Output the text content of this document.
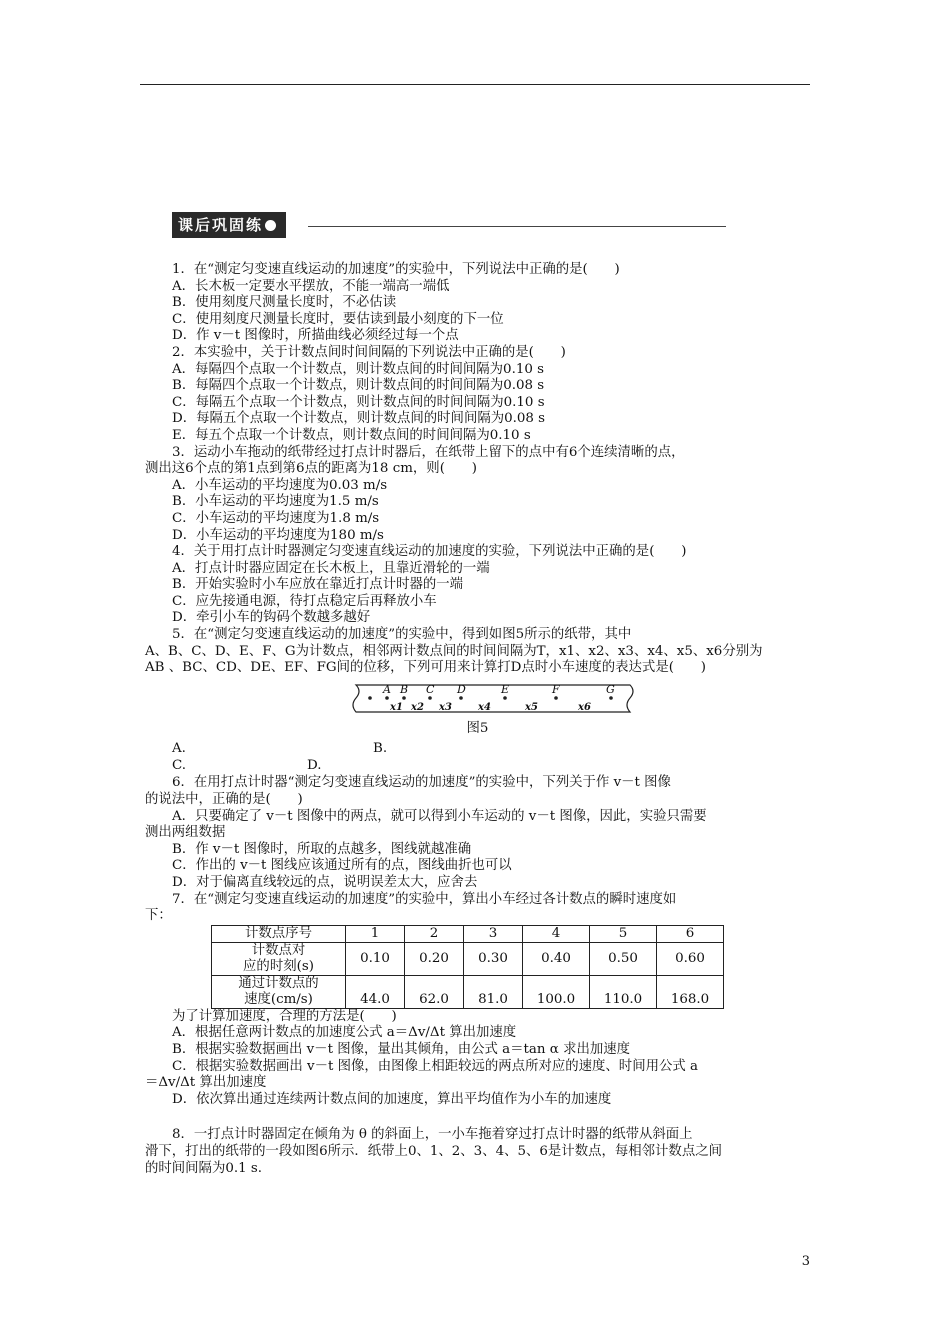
课后巩固练

1．在“测定匀变速直线运动的加速度”的实验中，下列说法中正确的是(　　)

A．长木板一定要水平摆放，不能一端高一端低

B．使用刻度尺测量长度时，不必估读

C．使用刻度尺测量长度时，要估读到最小刻度的下一位

D．作 v－t 图像时，所描曲线必须经过每一个点

2．本实验中，关于计数点间时间间隔的下列说法中正确的是(　　)

A．每隔四个点取一个计数点，则计数点间的时间间隔为0.10 s

B．每隔四个点取一个计数点，则计数点间的时间间隔为0.08 s

C．每隔五个点取一个计数点，则计数点间的时间间隔为0.10 s

D．每隔五个点取一个计数点，则计数点间的时间间隔为0.08 s

E．每五个点取一个计数点，则计数点间的时间间隔为0.10 s

3．运动小车拖动的纸带经过打点计时器后，在纸带上留下的点中有6个连续清晰的点，

测出这6个点的第1点到第6点的距离为18 cm，则(　　)

A．小车运动的平均速度为0.03 m/s

B．小车运动的平均速度为1.5 m/s

C．小车运动的平均速度为1.8 m/s

D．小车运动的平均速度为180 m/s

4．关于用打点计时器测定匀变速直线运动的加速度的实验，下列说法中正确的是(　　)

A．打点计时器应固定在长木板上，且靠近滑轮的一端

B．开始实验时小车应放在靠近打点计时器的一端

C．应先接通电源，待打点稳定后再释放小车

D．牵引小车的钩码个数越多越好

5．在“测定匀变速直线运动的加速度”的实验中，得到如图5所示的纸带，其中

A、B、C、D、E、F、G为计数点，相邻两计数点间的时间间隔为T，x1、x2、x3、x4、x5、x6分别为

AB 、BC、CD、DE、EF、FG间的位移，下列可用来计算打D点时小车速度的表达式是(　　)

A B C D	E	F	G
x1 x2 x3	x4	x5	x6

图5

A.	B.
C.	D.

6．在用打点计时器“测定匀变速直线运动的加速度”的实验中，下列关于作 v－t 图像

的说法中，正确的是(　　)

A．只要确定了 v－t 图像中的两点，就可以得到小车运动的 v－t 图像，因此，实验只需要

测出两组数据

B．作 v－t 图像时，所取的点越多，图线就越准确

C．作出的 v－t 图线应该通过所有的点，图线曲折也可以

D．对于偏离直线较远的点，说明误差太大，应舍去

7．在“测定匀变速直线运动的加速度”的实验中，算出小车经过各计数点的瞬时速度如

下：

计数点序号	1	2	3	4	5	6
计数点对	0.10	0.20	0.30	0.40	0.50	0.60
应的时刻(s)						
通过计数点的	44.0	62.0	81.0	100.0	110.0	168.0
速度(cm/s)						

为了计算加速度，合理的方法是(　　)

A．根据任意两计数点的加速度公式 a＝Δv/Δt 算出加速度

B．根据实验数据画出 v－t 图像，量出其倾角，由公式 a＝tan α 求出加速度

C．根据实验数据画出 v－t 图像，由图像上相距较远的两点所对应的速度、时间用公式 a

＝Δv/Δt 算出加速度

D．依次算出通过连续两计数点间的加速度，算出平均值作为小车的加速度

8．一打点计时器固定在倾角为 θ 的斜面上，一小车拖着穿过打点计时器的纸带从斜面上

滑下，打出的纸带的一段如图6所示．纸带上0、1、2、3、4、5、6是计数点，每相邻计数点之间

的时间间隔为0.1 s.

3
